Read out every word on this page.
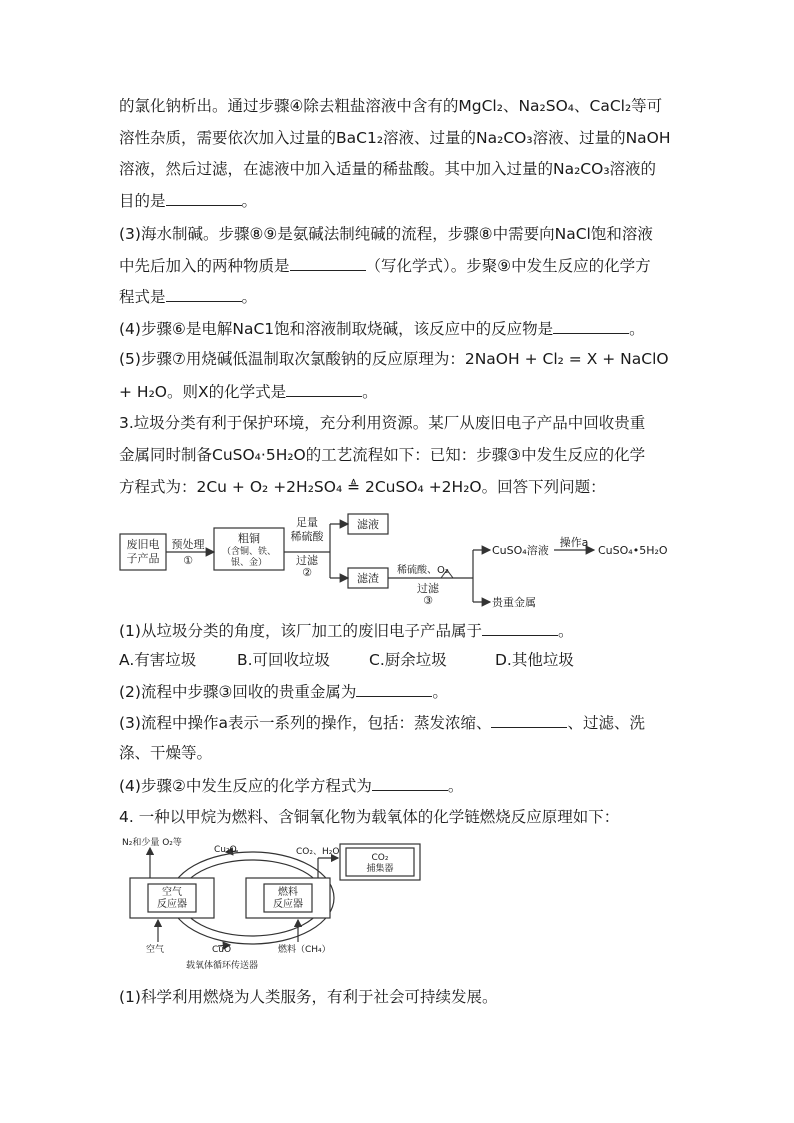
的氯化钠析出。通过步骤④除去粗盐溶液中含有的MgCl₂、Na₂SO₄、CaCl₂等可
溶性杂质，需要依次加入过量的BaC1₂溶液、过量的Na₂CO₃溶液、过量的NaOH
溶液，然后过滤，在滤液中加入适量的稀盐酸。其中加入过量的Na₂CO₃溶液的
目的是	。
(3)海水制碱。步骤⑧⑨是氨碱法制纯碱的流程，步骤⑧中需要向NaCl饱和溶液
中先后加入的两种物质是	（写化学式）。步聚⑨中发生反应的化学方
程式是	。
(4)步骤⑥是电解NaC1饱和溶液制取烧碱，该反应中的反应物是	。
(5)步骤⑦用烧碱低温制取次氯酸钠的反应原理为：2NaOH + Cl₂ = X + NaClO
+ H₂O。则X的化学式是	。
3.垃圾分类有利于保护环境，充分利用资源。某厂从废旧电子产品中回收贵重
金属同时制备CuSO₄·5H₂O的工艺流程如下：已知：步骤③中发生反应的化学
方程式为：2Cu + O₂ +2H₂SO₄ ≜ 2CuSO₄ +2H₂O。回答下列问题：
废旧电
子产品
预处理
①
粗铜
（含铜、铁、
银、金）
足量
稀硫酸
过滤
②
滤液
滤渣
稀硫酸、O₂
过滤
③
CuSO₄溶液
操作a
CuSO₄•5H₂O
贵重金属
(1)从垃圾分类的角度，该厂加工的废旧电子产品属于	。
A.有害垃圾	B.可回收垃圾	C.厨余垃圾	D.其他垃圾
(2)流程中步骤③回收的贵重金属为	。
(3)流程中操作a表示一系列的操作，包括：蒸发浓缩、	、过滤、洗
涤、干燥等。
(4)步骤②中发生反应的化学方程式为	。
4. 一种以甲烷为燃料、含铜氧化物为载氧体的化学链燃烧反应原理如下：
N₂和少量 O₂等
Cu₂O	CO₂、H₂O
CO₂
捕集器
空气
反应器
燃料
反应器
空气	CuO	燃料（CH₄）
载氧体循环传送器
(1)科学利用燃烧为人类服务，有利于社会可持续发展。
